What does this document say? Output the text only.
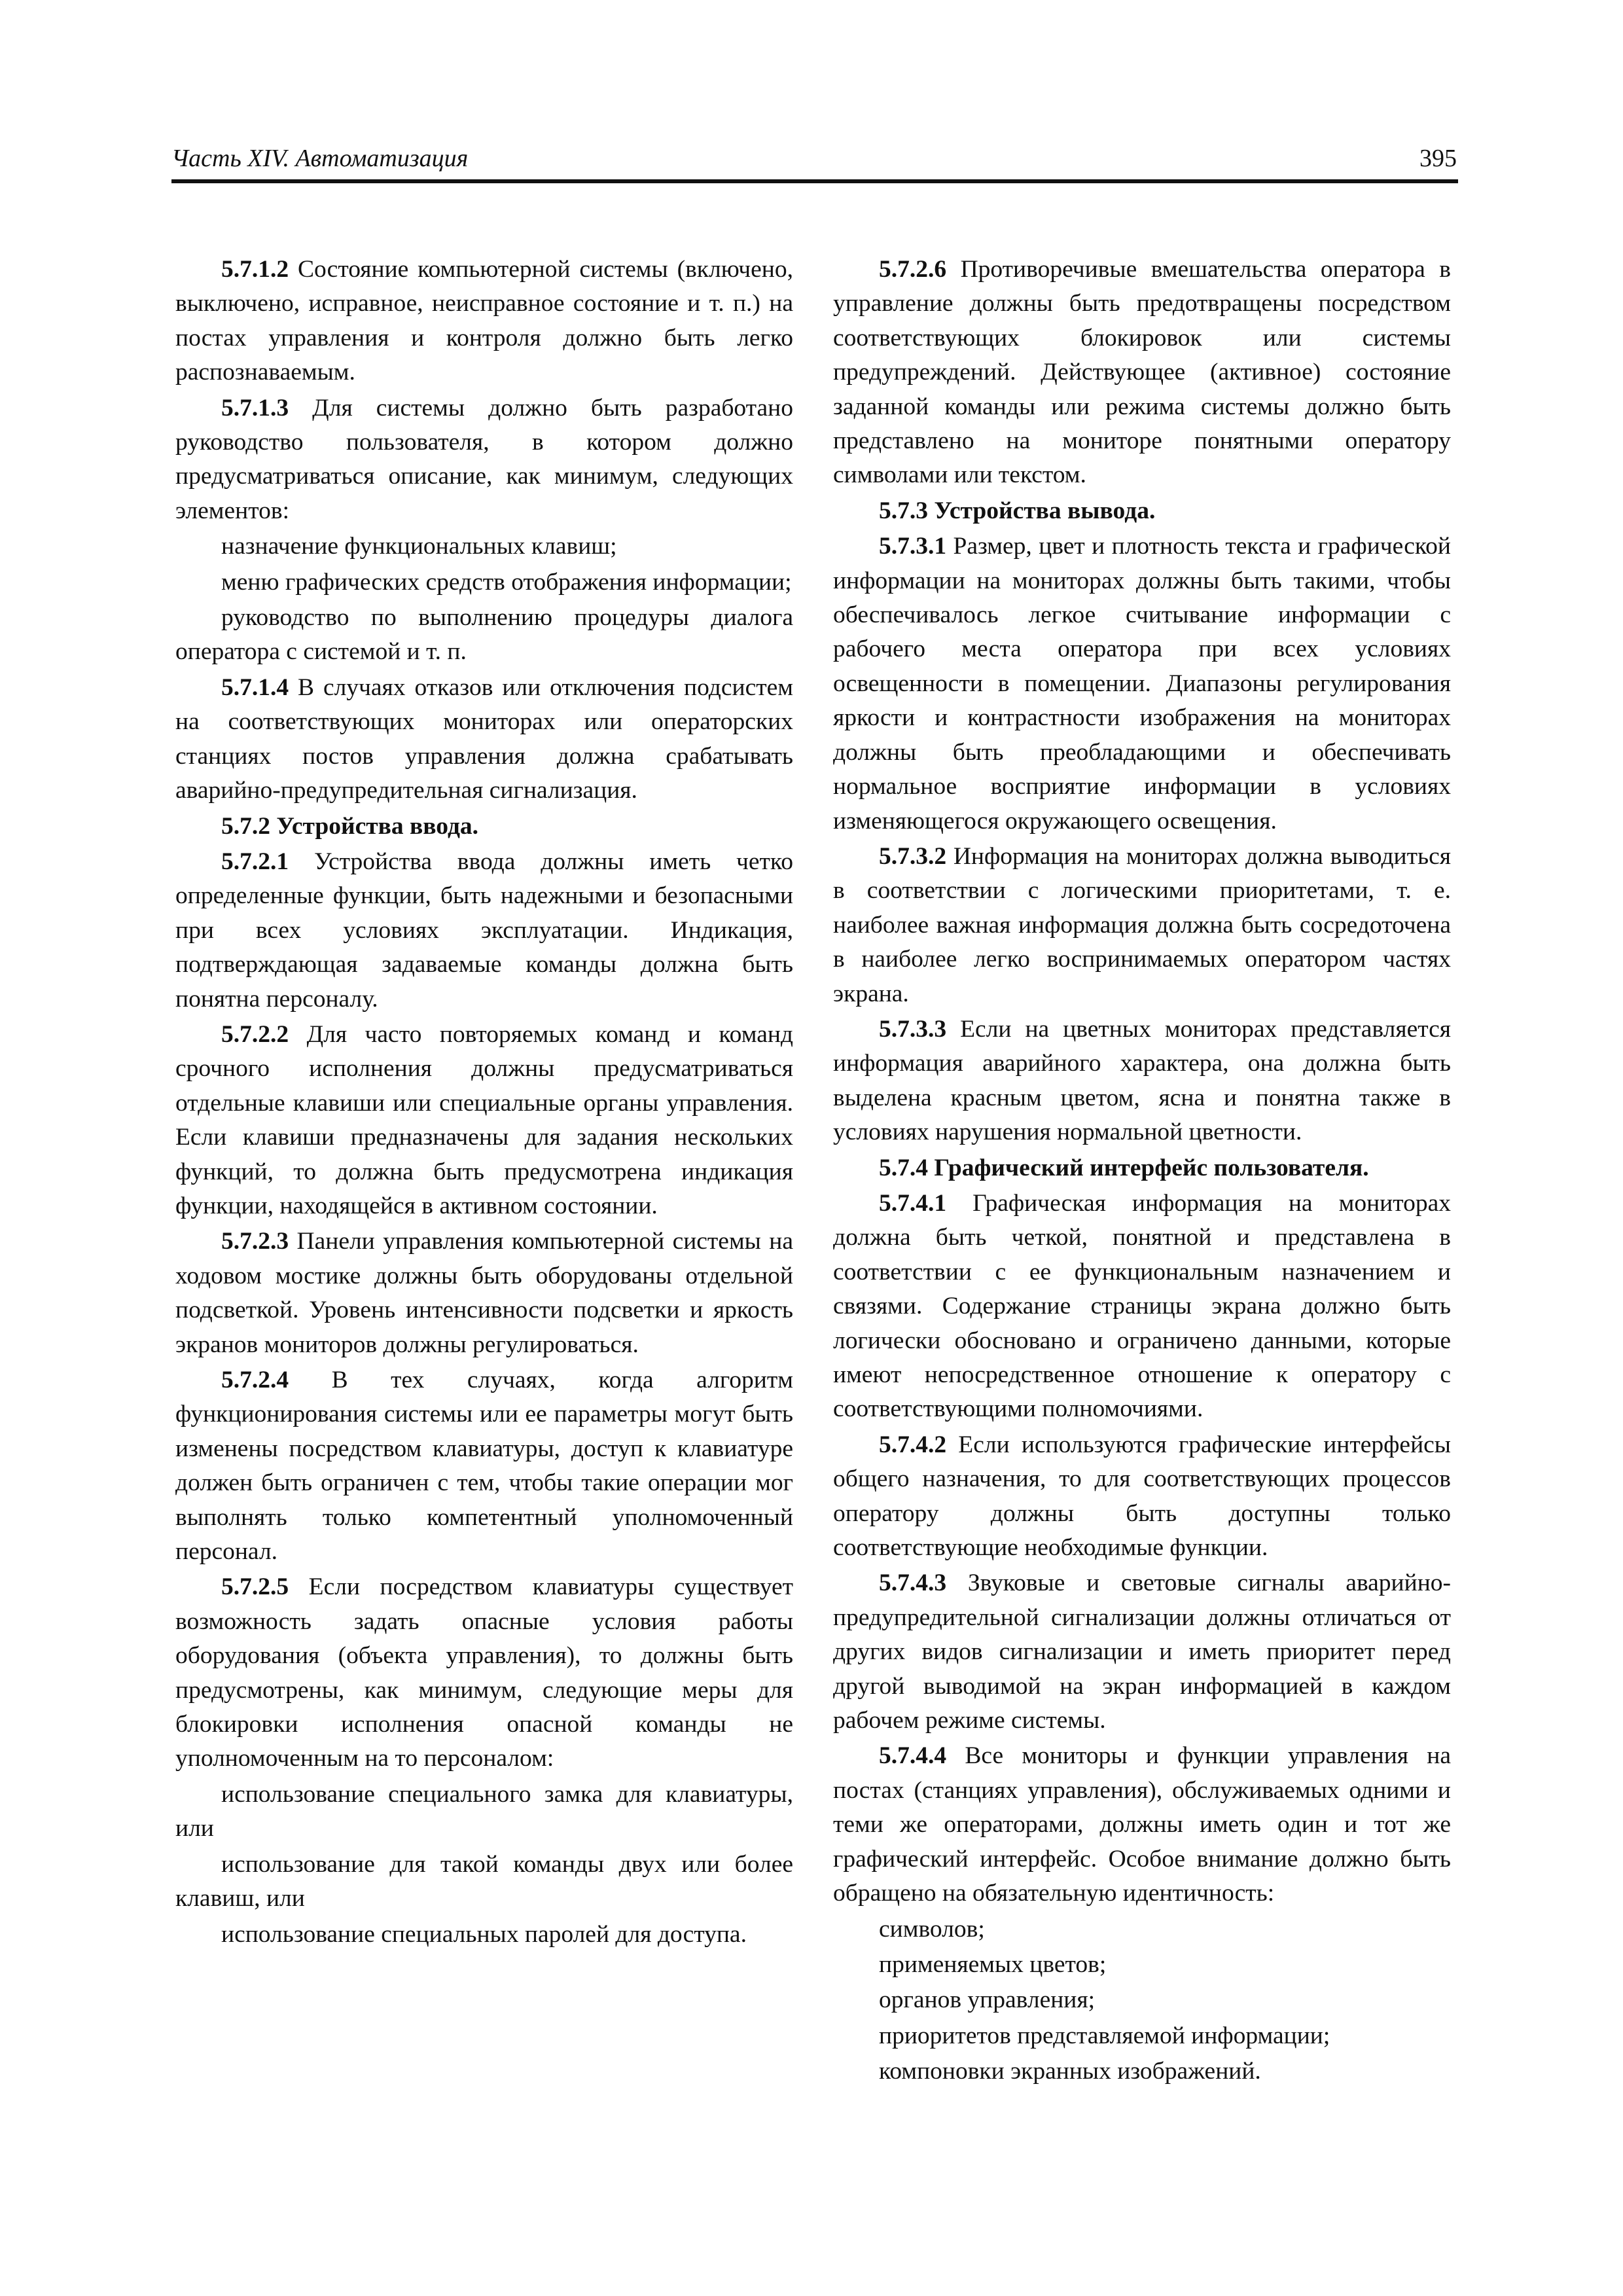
Часть XIV. Автоматизация	395

5.7.1.2 Состояние компьютерной системы (включено, выключено, исправное, неисправное состояние и т. п.) на постах управления и контроля должно быть легко распознаваемым.

5.7.1.3 Для системы должно быть разработано руководство пользователя, в котором должно предусматриваться описание, как минимум, следующих элементов:

назначение функциональных клавиш;

меню графических средств отображения информации;

руководство по выполнению процедуры диалога оператора с системой и т. п.

5.7.1.4 В случаях отказов или отключения подсистем на соответствующих мониторах или операторских станциях постов управления должна срабатывать аварийно-предупредительная сигнализация.

5.7.2 Устройства ввода.

5.7.2.1 Устройства ввода должны иметь четко определенные функции, быть надежными и безопасными при всех условиях эксплуатации. Индикация, подтверждающая задаваемые команды должна быть понятна персоналу.

5.7.2.2 Для часто повторяемых команд и команд срочного исполнения должны предусматриваться отдельные клавиши или специальные органы управления. Если клавиши предназначены для задания нескольких функций, то должна быть предусмотрена индикация функции, находящейся в активном состоянии.

5.7.2.3 Панели управления компьютерной системы на ходовом мостике должны быть оборудованы отдельной подсветкой. Уровень интенсивности подсветки и яркость экранов мониторов должны регулироваться.

5.7.2.4 В тех случаях, когда алгоритм функционирования системы или ее параметры могут быть изменены посредством клавиатуры, доступ к клавиатуре должен быть ограничен с тем, чтобы такие операции мог выполнять только компетентный уполномоченный персонал.

5.7.2.5 Если посредством клавиатуры существует возможность задать опасные условия работы оборудования (объекта управления), то должны быть предусмотрены, как минимум, следующие меры для блокировки исполнения опасной команды не уполномоченным на то персоналом:

использование специального замка для клавиатуры, или

использование для такой команды двух или более клавиш, или

использование специальных паролей для доступа.

5.7.2.6 Противоречивые вмешательства оператора в управление должны быть предотвращены посредством соответствующих блокировок или системы предупреждений. Действующее (активное) состояние заданной команды или режима системы должно быть представлено на мониторе понятными оператору символами или текстом.

5.7.3 Устройства вывода.

5.7.3.1 Размер, цвет и плотность текста и графической информации на мониторах должны быть такими, чтобы обеспечивалось легкое считывание информации с рабочего места оператора при всех условиях освещенности в помещении. Диапазоны регулирования яркости и контрастности изображения на мониторах должны быть преобладающими и обеспечивать нормальное восприятие информации в условиях изменяющегося окружающего освещения.

5.7.3.2 Информация на мониторах должна выводиться в соответствии с логическими приоритетами, т. е. наиболее важная информация должна быть сосредоточена в наиболее легко воспринимаемых оператором частях экрана.

5.7.3.3 Если на цветных мониторах представляется информация аварийного характера, она должна быть выделена красным цветом, ясна и понятна также в условиях нарушения нормальной цветности.

5.7.4 Графический интерфейс пользователя.

5.7.4.1 Графическая информация на мониторах должна быть четкой, понятной и представлена в соответствии с ее функциональным назначением и связями. Содержание страницы экрана должно быть логически обосновано и ограничено данными, которые имеют непосредственное отношение к оператору с соответствующими полномочиями.

5.7.4.2 Если используются графические интерфейсы общего назначения, то для соответствующих процессов оператору должны быть доступны только соответствующие необходимые функции.

5.7.4.3 Звуковые и световые сигналы аварийно-предупредительной сигнализации должны отличаться от других видов сигнализации и иметь приоритет перед другой выводимой на экран информацией в каждом рабочем режиме системы.

5.7.4.4 Все мониторы и функции управления на постах (станциях управления), обслуживаемых одними и теми же операторами, должны иметь один и тот же графический интерфейс. Особое внимание должно быть обращено на обязательную идентичность:

символов;

применяемых цветов;

органов управления;

приоритетов представляемой информации;

компоновки экранных изображений.
